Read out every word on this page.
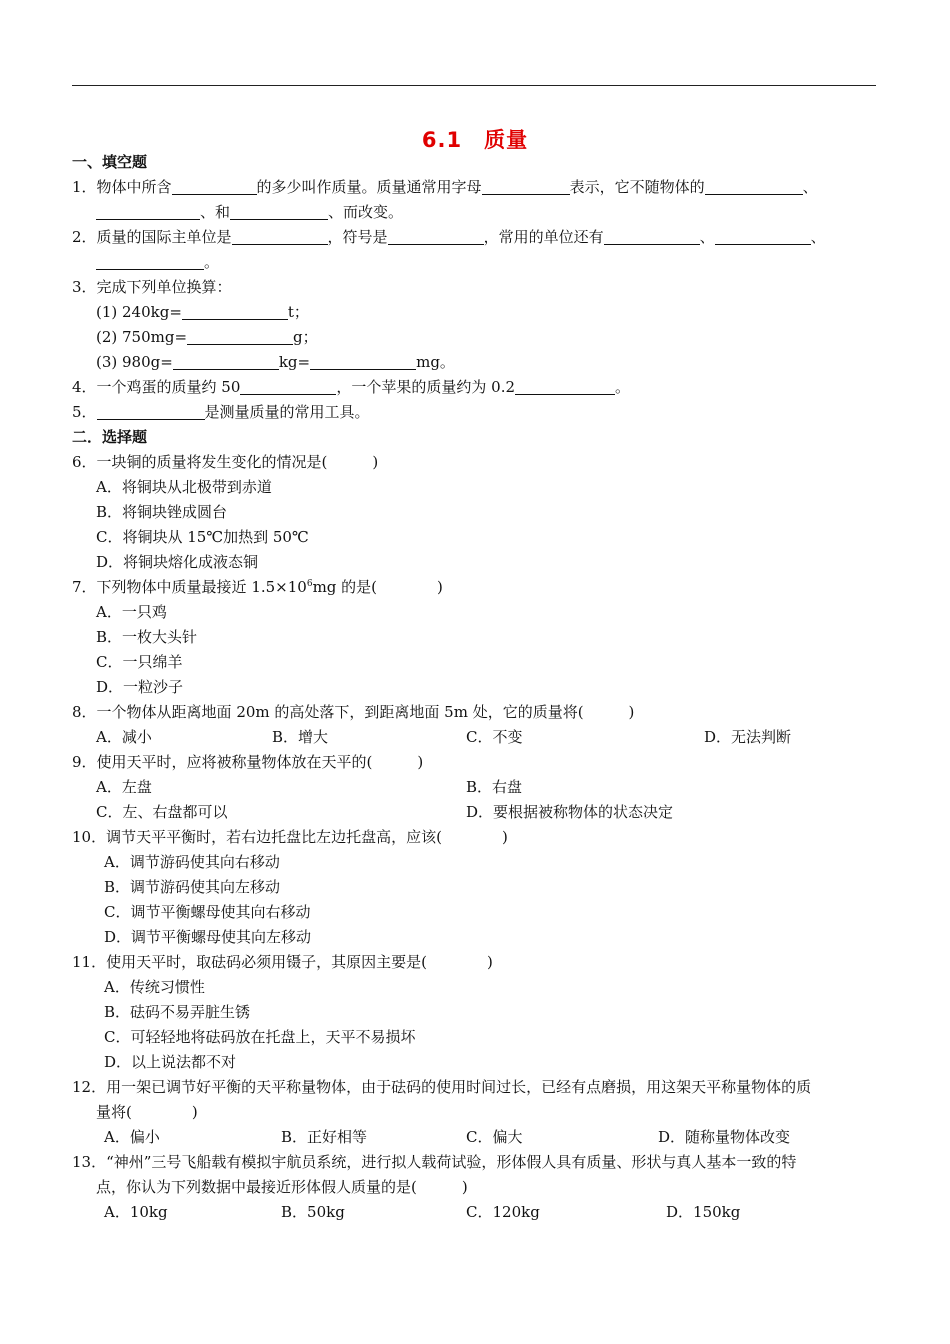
6.1　质量
一、填空题
1．物体中所含	的多少叫作质量。质量通常用字母	表示，它不随物体的	、
、和	、而改变。
2．质量的国际主单位是	，符号是	，常用的单位还有	、	、
。
3．完成下列单位换算：
(1) 240kg=	t；
(2) 750mg=	g；
(3) 980g=	kg=	mg。
4．一个鸡蛋的质量约 50	，一个苹果的质量约为 0.2	。
5．	是测量质量的常用工具。
二．选择题
6．一块铜的质量将发生变化的情况是(　　　)
A．将铜块从北极带到赤道
B．将铜块锉成圆台
C．将铜块从 15℃加热到 50℃
D．将铜块熔化成液态铜
7．下列物体中质量最接近 $1.5\times 10^6mg$ 的是(　　　　)
A．一只鸡
B．一枚大头针
C．一只绵羊
D．一粒沙子
8．一个物体从距离地面 20m 的高处落下，到距离地面 5m 处，它的质量将(　　　)
A．减小	B．增大	C．不变	D．无法判断
9．使用天平时，应将被称量物体放在天平的(　　　)
A．左盘	B．右盘
C．左、右盘都可以	D．要根据被称物体的状态决定
10．调节天平平衡时，若右边托盘比左边托盘高，应该(　　　　)
A．调节游码使其向右移动
B．调节游码使其向左移动
C．调节平衡螺母使其向右移动
D．调节平衡螺母使其向左移动
11．使用天平时，取砝码必须用镊子，其原因主要是(　　　　)
A．传统习惯性
B．砝码不易弄脏生锈
C．可轻轻地将砝码放在托盘上，天平不易损坏
D．以上说法都不对
12．用一架已调节好平衡的天平称量物体，由于砝码的使用时间过长，已经有点磨损，用这架天平称量物体的质
量将(　　　　)
A．偏小	B．正好相等	C．偏大	D．随称量物体改变
13．“神州”三号飞船载有模拟宇航员系统，进行拟人载荷试验，形体假人具有质量、形状与真人基本一致的特
点，你认为下列数据中最接近形体假人质量的是(　　　)
A．10kg	B．50kg	C．120kg	D．150kg
